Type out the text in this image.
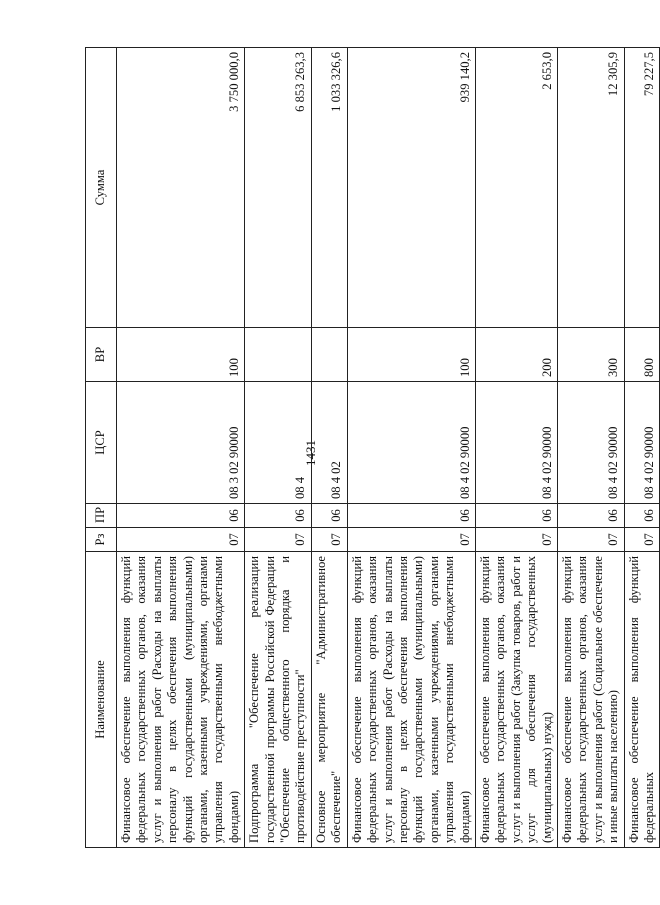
1431
Наименование	Рз	ПР	ЦСР	ВР	Сумма
Финансовое обеспечение выполнения функций федеральных государственных органов, оказания услуг и выполнения работ (Расходы на выплаты персоналу в целях обеспечения выполнения функций государственными (муниципальными) органами, казенными учреждениями, органами управления государственными внебюджетными фондами)	07	06	08 3 02 90000	100	3 750 000,0
Подпрограмма "Обеспечение реализации государственной программы Российской Федерации "Обеспечение общественного порядка и противодействие преступности"	07	06	08 4		6 853 263,3
Основное мероприятие "Административное обеспечение"	07	06	08 4 02		1 033 326,6
Финансовое обеспечение выполнения функций федеральных государственных органов, оказания услуг и выполнения работ (Расходы на выплаты персоналу в целях обеспечения выполнения функций государственными (муниципальными) органами, казенными учреждениями, органами управления государственными внебюджетными фондами)	07	06	08 4 02 90000	100	939 140,2
Финансовое обеспечение выполнения функций федеральных государственных органов, оказания услуг и выполнения работ (Закупка товаров, работ и услуг для обеспечения государственных (муниципальных) нужд)	07	06	08 4 02 90000	200	2 653,0
Финансовое обеспечение выполнения функций федеральных государственных органов, оказания услуг и выполнения работ (Социальное обеспечение и иные выплаты населению)	07	06	08 4 02 90000	300	12 305,9
Финансовое обеспечение выполнения функций федеральных	07	06	08 4 02 90000	800	79 227,5
